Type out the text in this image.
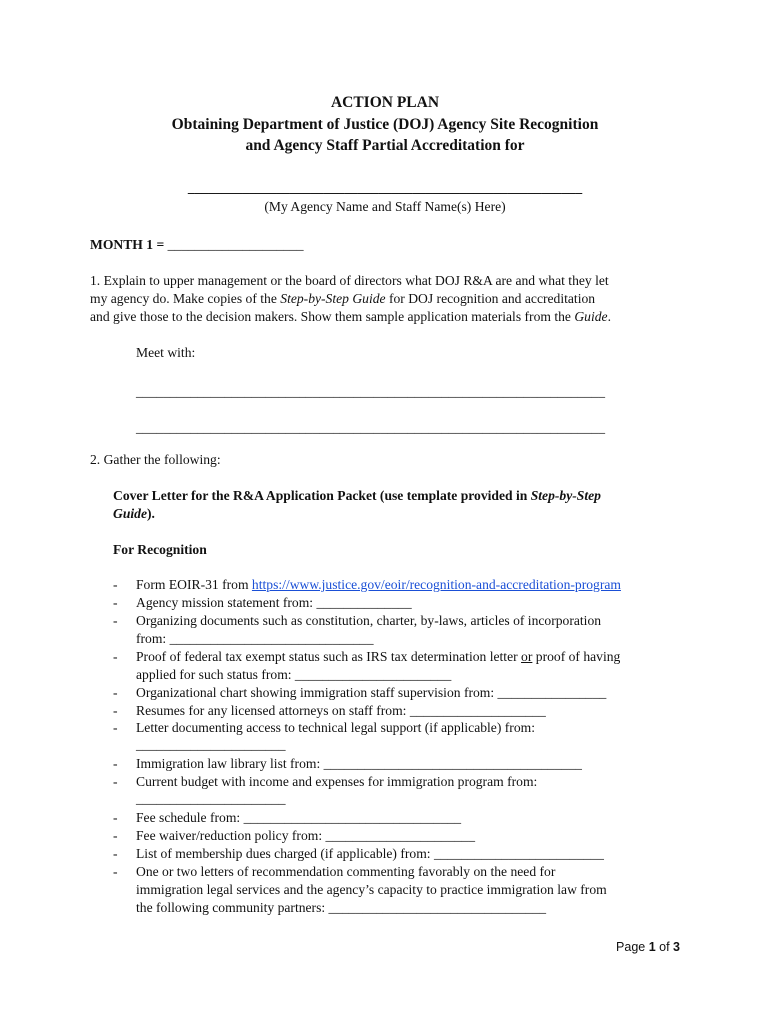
ACTION PLAN
Obtaining Department of Justice (DOJ) Agency Site Recognition
and Agency Staff Partial Accreditation for
__________________________________________________________
(My Agency Name and Staff Name(s) Here)
MONTH 1 = ____________________
1. Explain to upper management or the board of directors what DOJ R&A are and what they let
my agency do. Make copies of the Step-by-Step Guide for DOJ recognition and accreditation
and give those to the decision makers. Show them sample application materials from the Guide.
Meet with:
_____________________________________________________________________
_____________________________________________________________________
2. Gather the following:
Cover Letter for the R&A Application Packet (use template provided in Step-by-Step
Guide).
For Recognition
- Form EOIR-31 from https://www.justice.gov/eoir/recognition-and-accreditation-program
- Agency mission statement from: ______________
- Organizing documents such as constitution, charter, by-laws, articles of incorporation
from: ______________________________
- Proof of federal tax exempt status such as IRS tax determination letter or proof of having
applied for such status from: _______________________
- Organizational chart showing immigration staff supervision from: ________________
- Resumes for any licensed attorneys on staff from: ____________________
- Letter documenting access to technical legal support (if applicable) from:
______________________
- Immigration law library list from: ______________________________________
- Current budget with income and expenses for immigration program from:
______________________
- Fee schedule from: ________________________________
- Fee waiver/reduction policy from: ______________________
- List of membership dues charged (if applicable) from: _________________________
- One or two letters of recommendation commenting favorably on the need for
immigration legal services and the agency’s capacity to practice immigration law from
the following community partners: ________________________________
Page 1 of 3
